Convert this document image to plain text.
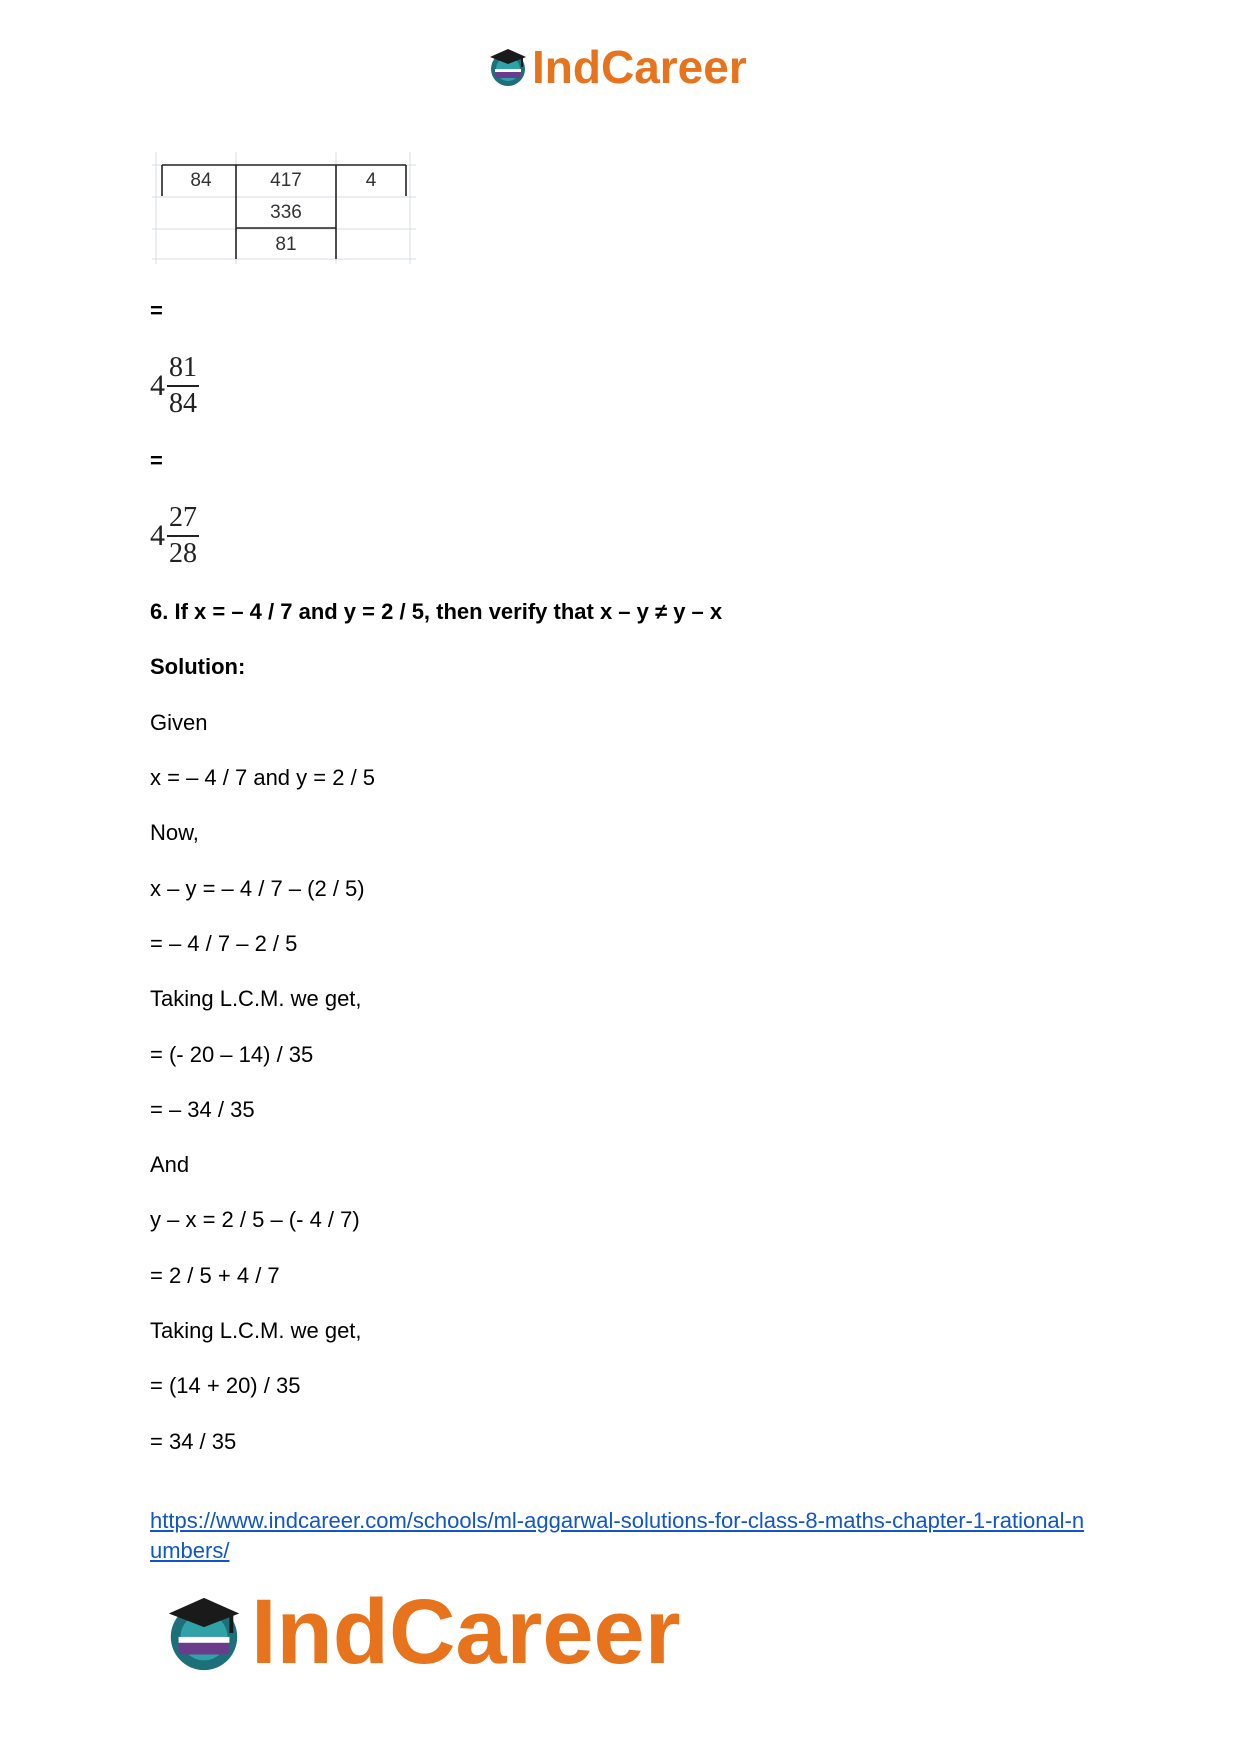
IndCareer
84	417	4
336
81
=
$4 \frac{81}{84}$
=
$4 \frac{27}{28}$
6. If x = – 4 / 7 and y = 2 / 5, then verify that x – y ≠ y – x
Solution:
Given
x = – 4 / 7 and y = 2 / 5
Now,
x – y = – 4 / 7 – (2 / 5)
= – 4 / 7 – 2 / 5
Taking L.C.M. we get,
= (- 20 – 14) / 35
= – 34 / 35
And
y – x = 2 / 5 – (- 4 / 7)
= 2 / 5 + 4 / 7
Taking L.C.M. we get,
= (14 + 20) / 35
= 34 / 35
https://www.indcareer.com/schools/ml-aggarwal-solutions-for-class-8-maths-chapter-1-rational-numbers/
IndCareer
